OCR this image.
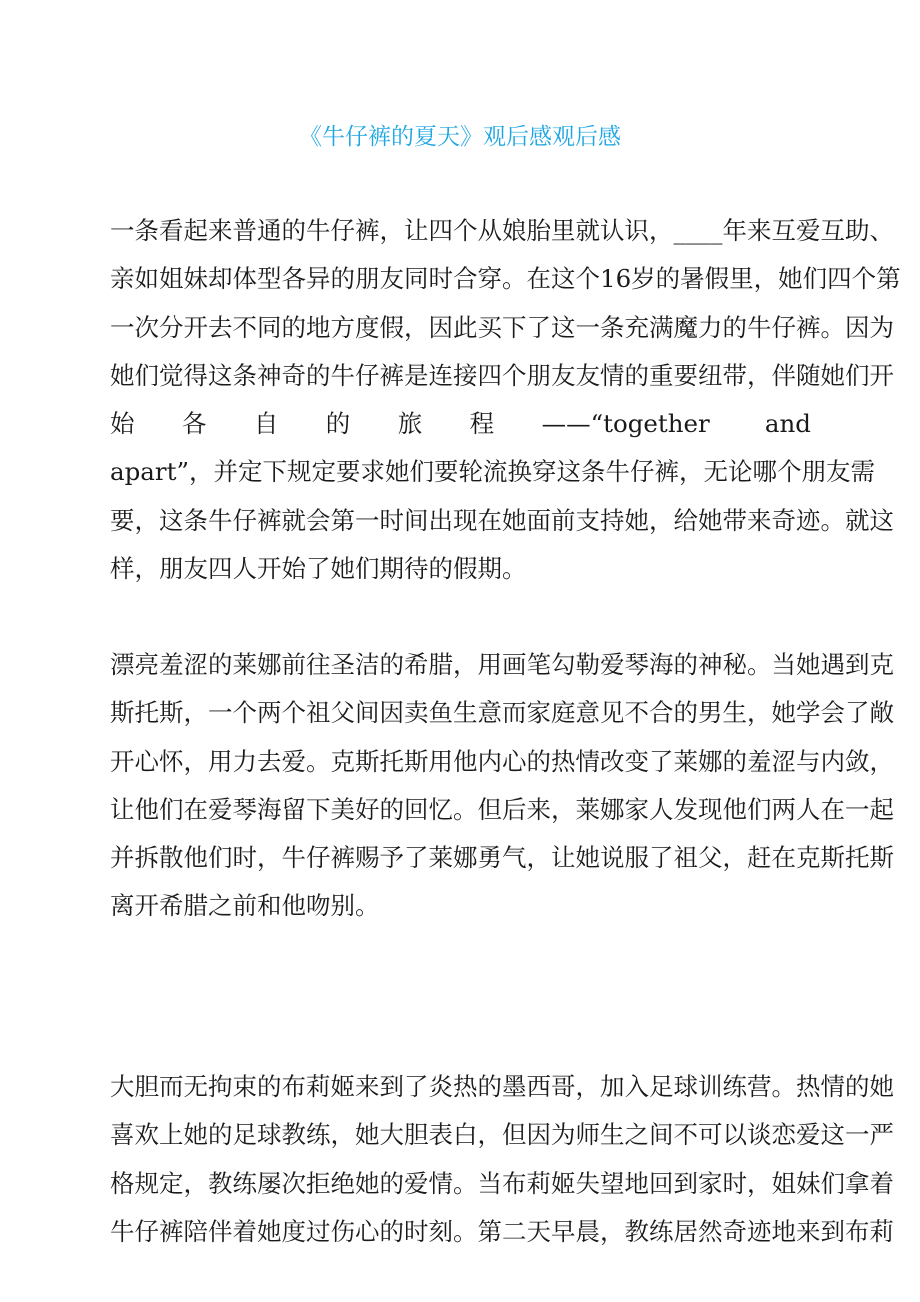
《牛仔裤的夏天》观后感观后感
一条看起来普通的牛仔裤，让四个从娘胎里就认识，____年来互爱互助、
亲如姐妹却体型各异的朋友同时合穿。在这个16岁的暑假里，她们四个第
一次分开去不同的地方度假，因此买下了这一条充满魔力的牛仔裤。因为
她们觉得这条神奇的牛仔裤是连接四个朋友友情的重要纽带，伴随她们开
始各自的旅程——“together and
apart”，并定下规定要求她们要轮流换穿这条牛仔裤，无论哪个朋友需
要，这条牛仔裤就会第一时间出现在她面前支持她，给她带来奇迹。就这
样，朋友四人开始了她们期待的假期。
漂亮羞涩的莱娜前往圣洁的希腊，用画笔勾勒爱琴海的神秘。当她遇到克
斯托斯，一个两个祖父间因卖鱼生意而家庭意见不合的男生，她学会了敞
开心怀，用力去爱。克斯托斯用他内心的热情改变了莱娜的羞涩与内敛，
让他们在爱琴海留下美好的回忆。但后来，莱娜家人发现他们两人在一起
并拆散他们时，牛仔裤赐予了莱娜勇气，让她说服了祖父，赶在克斯托斯
离开希腊之前和他吻别。
大胆而无拘束的布莉姬来到了炎热的墨西哥，加入足球训练营。热情的她
喜欢上她的足球教练，她大胆表白，但因为师生之间不可以谈恋爱这一严
格规定，教练屡次拒绝她的爱情。当布莉姬失望地回到家时，姐妹们拿着
牛仔裤陪伴着她度过伤心的时刻。第二天早晨，教练居然奇迹地来到布莉
